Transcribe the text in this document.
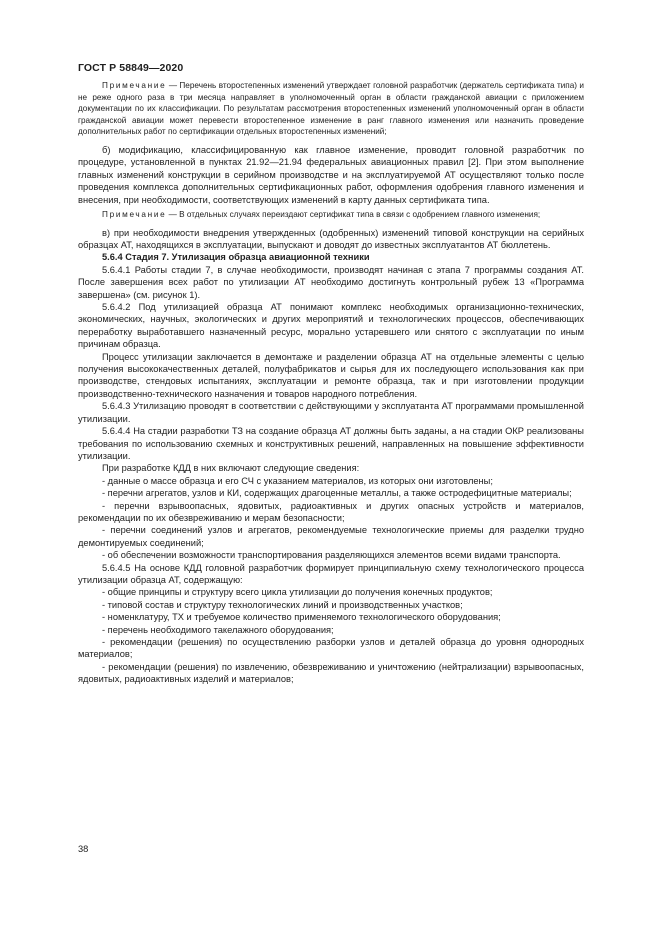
ГОСТ Р 58849—2020

Примечание — Перечень второстепенных изменений утверждает головной разработчик (держатель сертификата типа) и не реже одного раза в три месяца направляет в уполномоченный орган в области гражданской авиации с приложением документации по их классификации. По результатам рассмотрения второстепенных изменений уполномоченный орган в области гражданской авиации может перевести второстепенное изменение в ранг главного изменения или назначить проведение дополнительных работ по сертификации отдельных второстепенных изменений;

б) модификацию, классифицированную как главное изменение, проводит головной разработчик по процедуре, установленной в пунктах 21.92—21.94 федеральных авиационных правил [2]. При этом выполнение главных изменений конструкции в серийном производстве и на эксплуатируемой АТ осуществляют только после проведения комплекса дополнительных сертификационных работ, оформления одобрения главного изменения и внесения, при необходимости, соответствующих изменений в карту данных сертификата типа.

Примечание — В отдельных случаях переиздают сертификат типа в связи с одобрением главного изменения;

в) при необходимости внедрения утвержденных (одобренных) изменений типовой конструкции на серийных образцах АТ, находящихся в эксплуатации, выпускают и доводят до известных эксплуатантов АТ бюллетень.

5.6.4 Стадия 7. Утилизация образца авиационной техники

5.6.4.1 Работы стадии 7, в случае необходимости, производят начиная с этапа 7 программы создания АТ. После завершения всех работ по утилизации АТ необходимо достигнуть контрольный рубеж 13 «Программа завершена» (см. рисунок 1).

5.6.4.2 Под утилизацией образца АТ понимают комплекс необходимых организационно-технических, экономических, научных, экологических и других мероприятий и технологических процессов, обеспечивающих переработку выработавшего назначенный ресурс, морально устаревшего или снятого с эксплуатации по иным причинам образца.

Процесс утилизации заключается в демонтаже и разделении образца АТ на отдельные элементы с целью получения высококачественных деталей, полуфабрикатов и сырья для их последующего использования как при производстве, стендовых испытаниях, эксплуатации и ремонте образца, так и при изготовлении продукции производственно-технического назначения и товаров народного потребления.

5.6.4.3 Утилизацию проводят в соответствии с действующими у эксплуатанта АТ программами промышленной утилизации.

5.6.4.4 На стадии разработки ТЗ на создание образца АТ должны быть заданы, а на стадии ОКР реализованы требования по использованию схемных и конструктивных решений, направленных на повышение эффективности утилизации.

При разработке КДД в них включают следующие сведения:

- данные о массе образца и его СЧ с указанием материалов, из которых они изготовлены;

- перечни агрегатов, узлов и КИ, содержащих драгоценные металлы, а также остродефицитные материалы;

- перечни взрывоопасных, ядовитых, радиоактивных и других опасных устройств и материалов, рекомендации по их обезвреживанию и мерам безопасности;

- перечни соединений узлов и агрегатов, рекомендуемые технологические приемы для разделки трудно демонтируемых соединений;

- об обеспечении возможности транспортирования разделяющихся элементов всеми видами транспорта.

5.6.4.5 На основе КДД головной разработчик формирует принципиальную схему технологического процесса утилизации образца АТ, содержащую:

- общие принципы и структуру всего цикла утилизации до получения конечных продуктов;

- типовой состав и структуру технологических линий и производственных участков;

- номенклатуру, ТХ и требуемое количество применяемого технологического оборудования;

- перечень необходимого такелажного оборудования;

- рекомендации (решения) по осуществлению разборки узлов и деталей образца до уровня однородных материалов;

- рекомендации (решения) по извлечению, обезвреживанию и уничтожению (нейтрализации) взрывоопасных, ядовитых, радиоактивных изделий и материалов;

38
